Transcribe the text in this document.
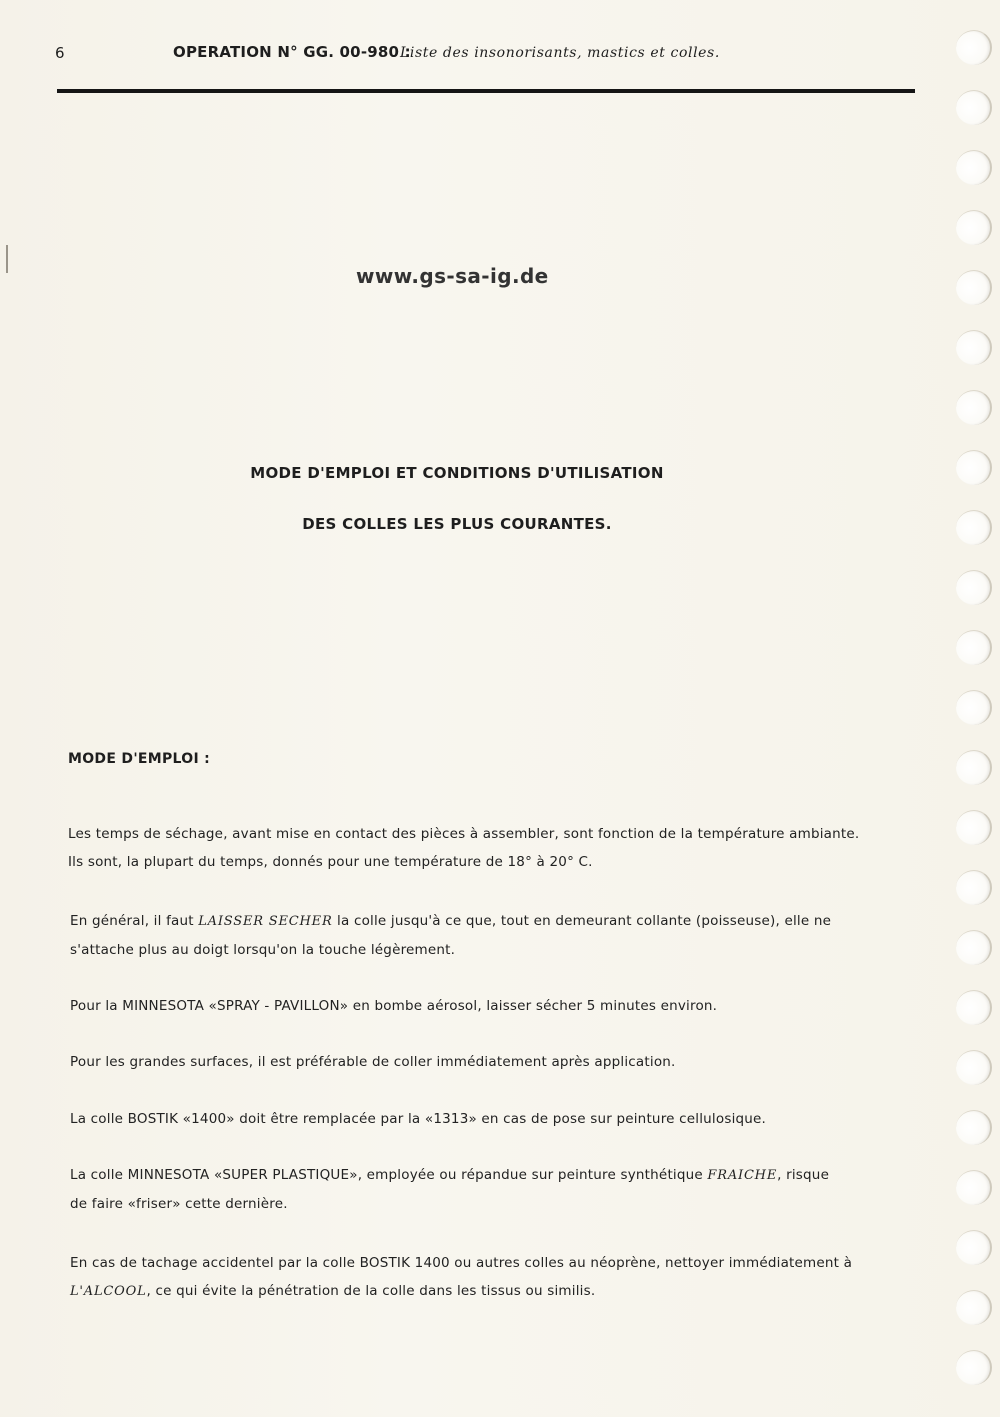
6	OPERATION N° GG. 00-980 :
Liste des insonorisants, mastics et colles.
www.gs-sa-ig.de
MODE D'EMPLOI ET CONDITIONS D'UTILISATION
DES COLLES LES PLUS COURANTES.
MODE D'EMPLOI :
Les temps de séchage, avant mise en contact des pièces à assembler, sont fonction de la température ambiante.
Ils sont, la plupart du temps, donnés pour une température de 18° à 20° C.
En général, il faut LAISSER SECHER la colle jusqu'à ce que, tout en demeurant collante (poisseuse), elle ne
s'attache plus au doigt lorsqu'on la touche légèrement.
Pour la MINNESOTA «SPRAY - PAVILLON» en bombe aérosol, laisser sécher 5 minutes environ.
Pour les grandes surfaces, il est préférable de coller immédiatement après application.
La colle BOSTIK «1400» doit être remplacée par la «1313» en cas de pose sur peinture cellulosique.
La colle MINNESOTA «SUPER PLASTIQUE», employée ou répandue sur peinture synthétique FRAICHE, risque
de faire «friser» cette dernière.
En cas de tachage accidentel par la colle BOSTIK 1400 ou autres colles au néoprène, nettoyer immédiatement à
L'ALCOOL, ce qui évite la pénétration de la colle dans les tissus ou similis.
